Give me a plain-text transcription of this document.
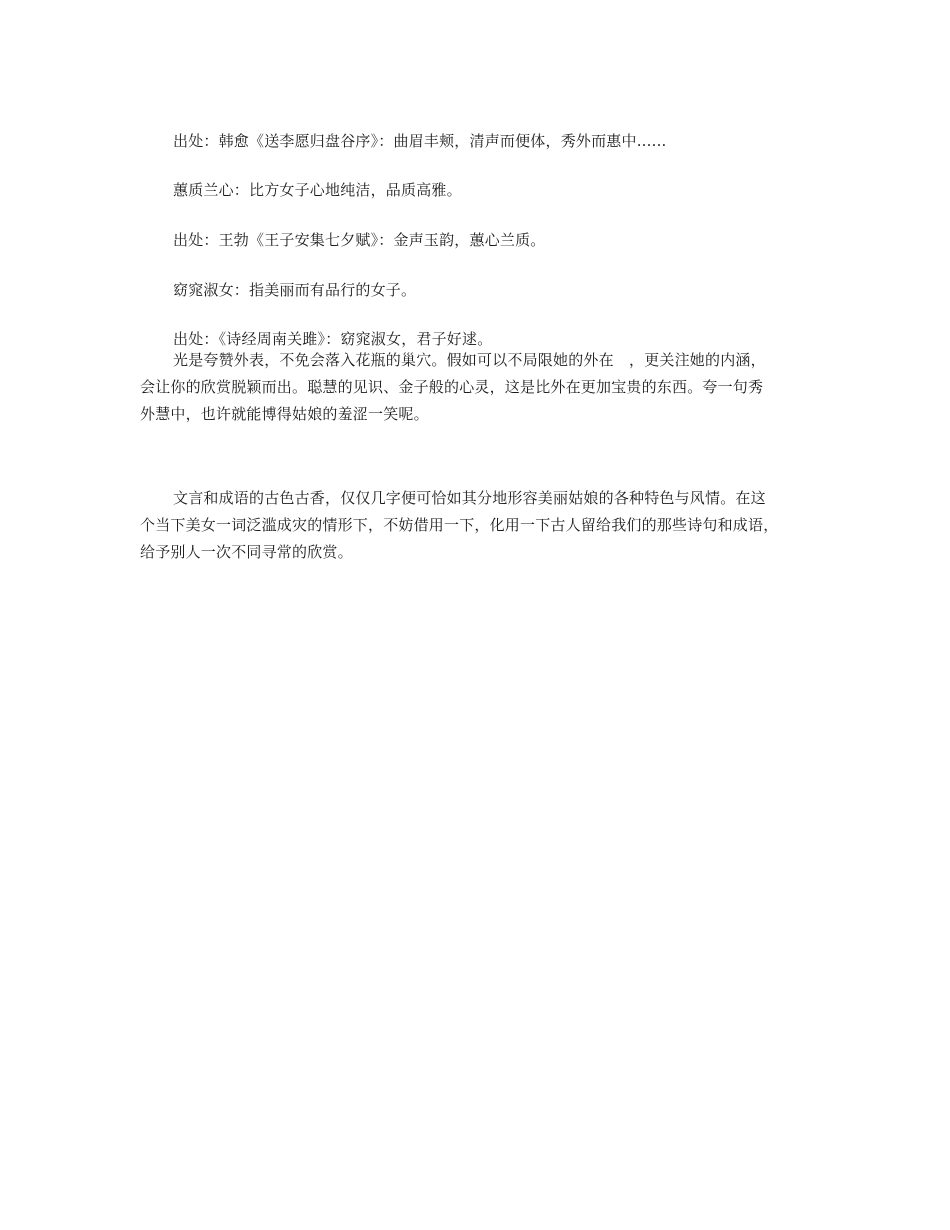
出处：韩愈《送李愿归盘谷序》：曲眉丰颊，清声而便体，秀外而惠中......
蕙质兰心：比方女子心地纯洁，品质高雅。
出处：王勃《王子安集七夕赋》：金声玉韵，蕙心兰质。
窈窕淑女：指美丽而有品行的女子。
出处：《诗经周南关雎》：窈窕淑女，君子好逑。

光是夸赞外表，不免会落入花瓶的巢穴。假如可以不局限她的外在　，更关注她的内涵，
会让你的欣赏脱颖而出。聪慧的见识、金子般的心灵，这是比外在更加宝贵的东西。夸一句秀
外慧中，也许就能博得姑娘的羞涩一笑呢。

文言和成语的古色古香，仅仅几字便可恰如其分地形容美丽姑娘的各种特色与风情。在这
个当下美女一词泛滥成灾的情形下，不妨借用一下，化用一下古人留给我们的那些诗句和成语，
给予别人一次不同寻常的欣赏。
